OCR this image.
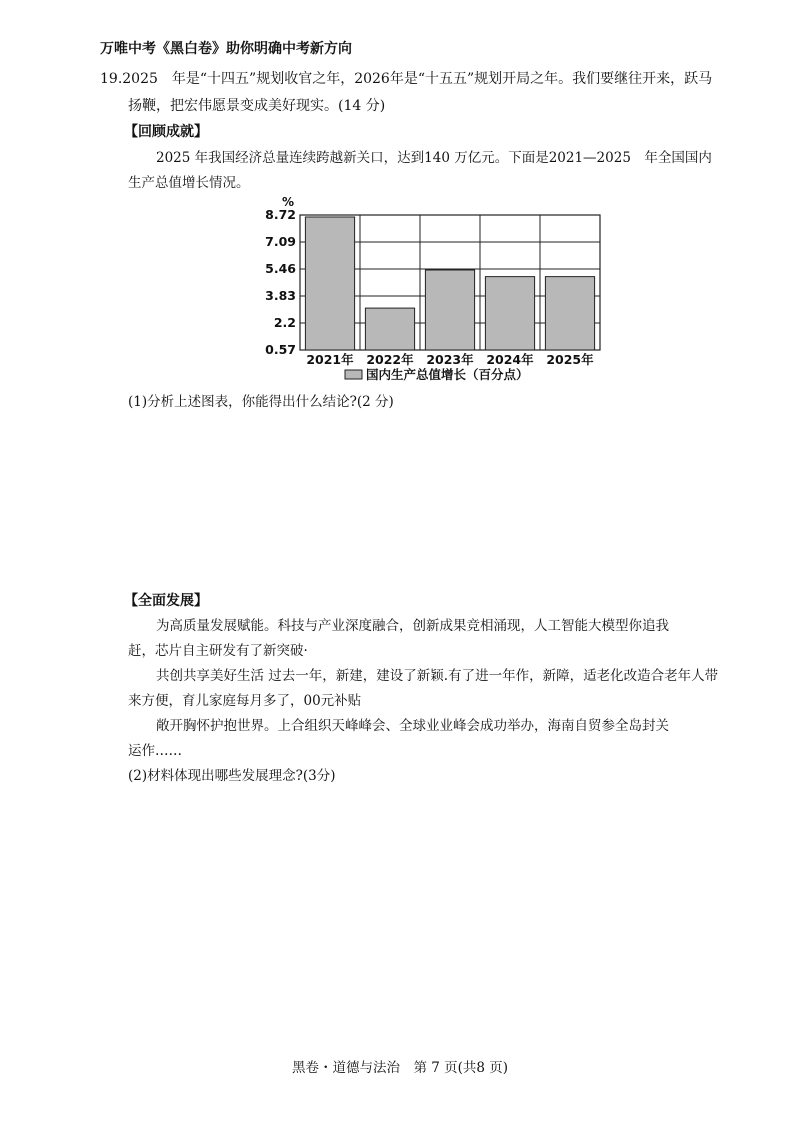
万唯中考《黑白卷》助你明确中考新方向
19.2025　年是“十四五”规划收官之年，2026年是“十五五”规划开局之年。我们要继往开来，跃马
扬鞭，把宏伟愿景变成美好现实。(14 分)
【回顾成就】
2025 年我国经济总量连续跨越新关口，达到140 万亿元。下面是2021—2025　年全国国内
生产总值增长情况。
8.72
7.09
5.46
3.83
2.2
0.57
%
2021年 2022年 2023年 2024年 2025年
国内生产总值增长（百分点）
(1)分析上述图表，你能得出什么结论?(2 分)
【全面发展】
为高质量发展赋能。科技与产业深度融合，创新成果竞相涌现，人工智能大模型你追我
赶，芯片自主研发有了新突破·
共创共享美好生活 过去一年，新建，建设了新颖.有了进一年作，新障，适老化改造合老年人带
来方便，育儿家庭每月多了，00元补贴
敞开胸怀护抱世界。上合组织天峰峰会、全球业业峰会成功举办，海南自贸参全岛封关
运作……
(2)材料体现出哪些发展理念?(3分)
黑卷・道德与法治　第 7 页(共8 页)
